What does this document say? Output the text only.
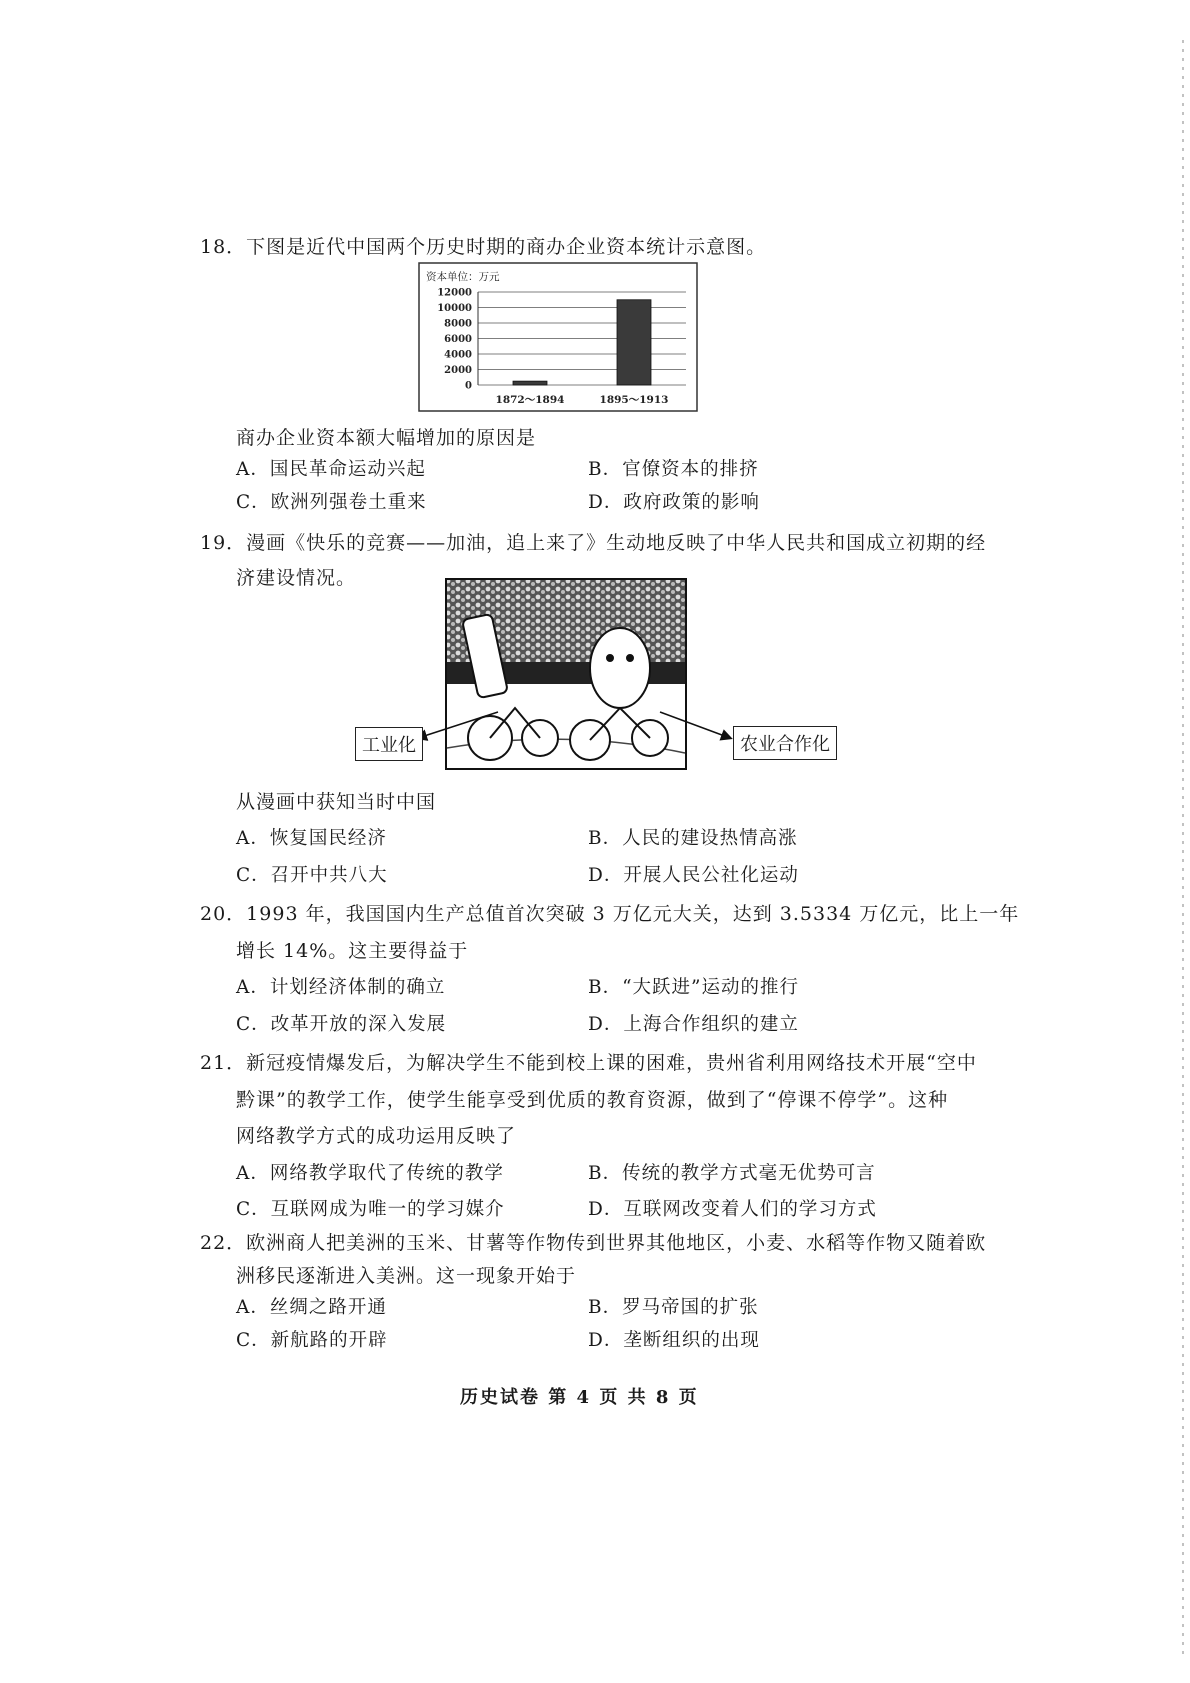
18．下图是近代中国两个历史时期的商办企业资本统计示意图。
资本单位：万元
12000
10000
8000
6000
4000
2000
0
1872～1894	1895～1913
商办企业资本额大幅增加的原因是
A．国民革命运动兴起	B．官僚资本的排挤
C．欧洲列强卷土重来	D．政府政策的影响
19．漫画《快乐的竞赛——加油，追上来了》生动地反映了中华人民共和国成立初期的经
济建设情况。
工业化	农业合作化
从漫画中获知当时中国
A．恢复国民经济	B．人民的建设热情高涨
C．召开中共八大	D．开展人民公社化运动
20．1993 年，我国国内生产总值首次突破 3 万亿元大关，达到 3.5334 万亿元，比上一年
增长 14%。这主要得益于
A．计划经济体制的确立	B．“大跃进”运动的推行
C．改革开放的深入发展	D．上海合作组织的建立
21．新冠疫情爆发后，为解决学生不能到校上课的困难，贵州省利用网络技术开展“空中
黔课”的教学工作，使学生能享受到优质的教育资源，做到了“停课不停学”。这种
网络教学方式的成功运用反映了
A．网络教学取代了传统的教学	B．传统的教学方式毫无优势可言
C．互联网成为唯一的学习媒介	D．互联网改变着人们的学习方式
22．欧洲商人把美洲的玉米、甘薯等作物传到世界其他地区，小麦、水稻等作物又随着欧
洲移民逐渐进入美洲。这一现象开始于
A．丝绸之路开通	B．罗马帝国的扩张
C．新航路的开辟	D．垄断组织的出现
历史试卷 第 4 页 共 8 页
